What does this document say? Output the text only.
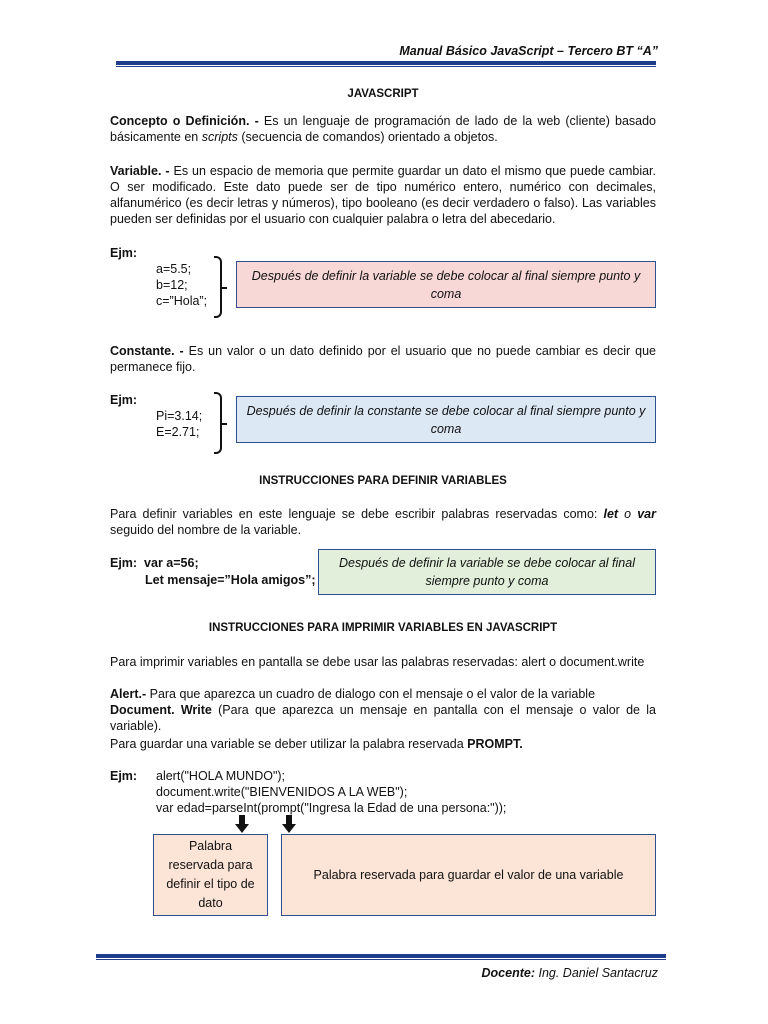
Manual Básico JavaScript – Tercero BT “A”
JAVASCRIPT
Concepto o Definición. - Es un lenguaje de programación de lado de la web (cliente) basado básicamente en scripts (secuencia de comandos) orientado a objetos.
Variable. - Es un espacio de memoria que permite guardar un dato el mismo que puede cambiar. O ser modificado. Este dato puede ser de tipo numérico entero, numérico con decimales, alfanumérico (es decir letras y números), tipo booleano (es decir verdadero o falso). Las variables pueden ser definidas por el usuario con cualquier palabra o letra del abecedario.
Ejm:
a=5.5;
b=12;
c=”Hola”;
Después de definir la variable se debe colocar al final siempre punto y coma
Constante. - Es un valor o un dato definido por el usuario que no puede cambiar es decir que permanece fijo.
Ejm:
Pi=3.14;
E=2.71;
Después de definir la constante se debe colocar al final siempre punto y coma
INSTRUCCIONES PARA DEFINIR VARIABLES
Para definir variables en este lenguaje se debe escribir palabras reservadas como: let o var seguido del nombre de la variable.
Ejm: var a=56;
Let mensaje=”Hola amigos”;
Después de definir la variable se debe colocar al final siempre punto y coma
INSTRUCCIONES PARA IMPRIMIR VARIABLES EN JAVASCRIPT
Para imprimir variables en pantalla se debe usar las palabras reservadas: alert o document.write
Alert.- Para que aparezca un cuadro de dialogo con el mensaje o el valor de la variable
Document. Write (Para que aparezca un mensaje en pantalla con el mensaje o valor de la variable).
Para guardar una variable se deber utilizar la palabra reservada PROMPT.
Ejm: alert("HOLA MUNDO");
document.write("BIENVENIDOS A LA WEB");
var edad=parseInt(prompt("Ingresa la Edad de una persona:"));
Palabra reservada para definir el tipo de dato
Palabra reservada para guardar el valor de una variable
Docente: Ing. Daniel Santacruz
